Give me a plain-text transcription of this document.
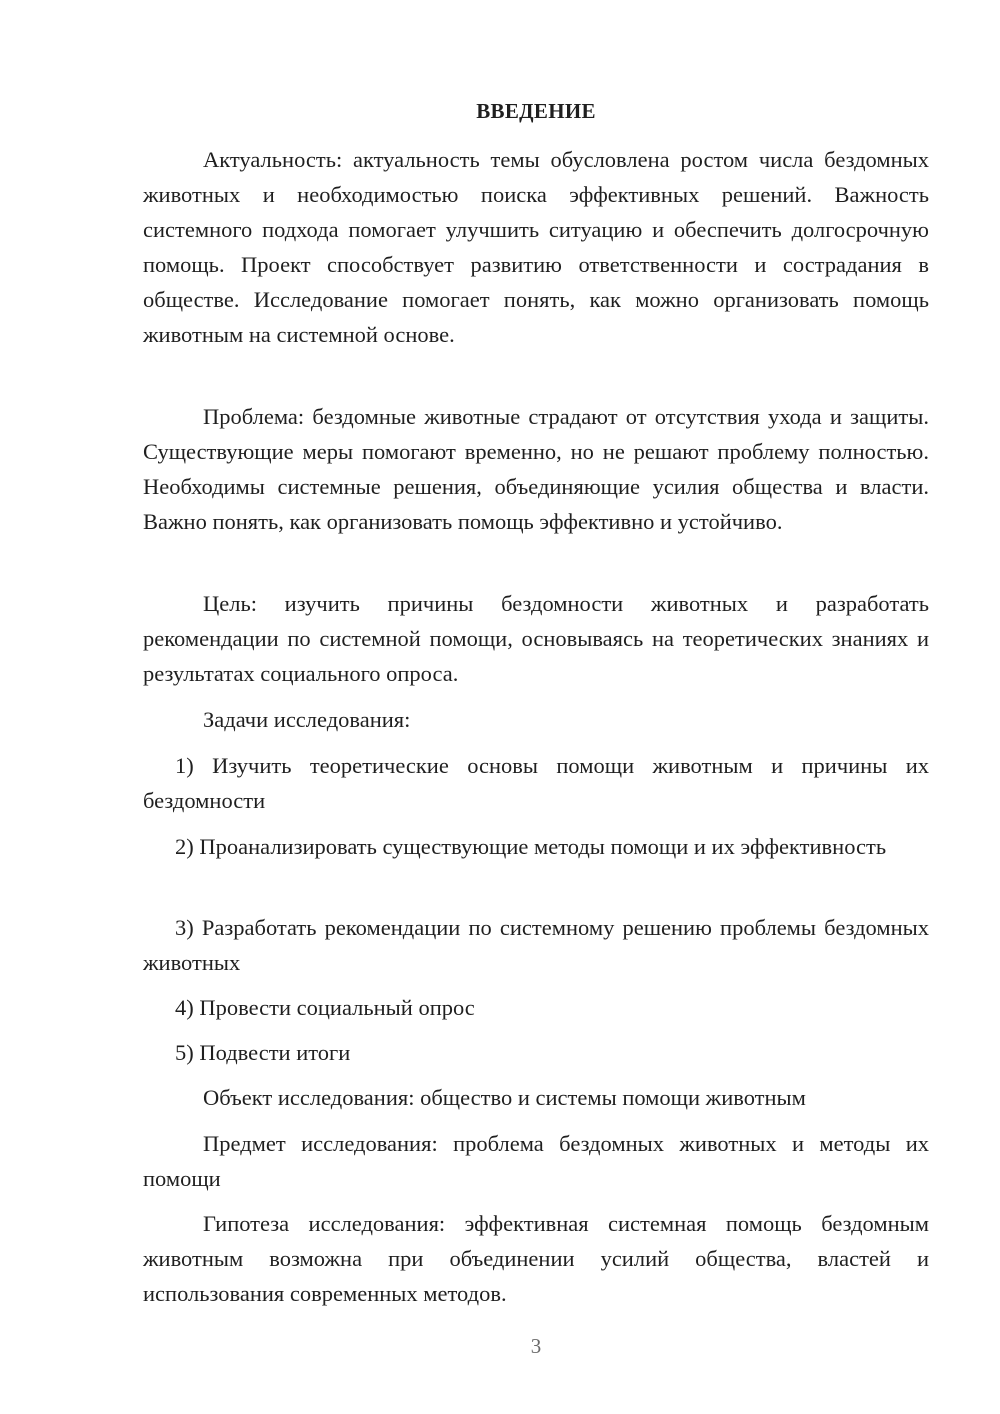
ВВЕДЕНИЕ

Актуальность: актуальность темы обусловлена ростом числа бездомных животных и необходимостью поиска эффективных решений. Важность системного подхода помогает улучшить ситуацию и обеспечить долгосрочную помощь. Проект способствует развитию ответственности и сострадания в обществе. Исследование помогает понять, как можно организовать помощь животным на системной основе.

Проблема: бездомные животные страдают от отсутствия ухода и защиты. Существующие меры помогают временно, но не решают проблему полностью. Необходимы системные решения, объединяющие усилия общества и власти. Важно понять, как организовать помощь эффективно и устойчиво.

Цель: изучить причины бездомности животных и разработать рекомендации по системной помощи, основываясь на теоретических знаниях и результатах социального опроса.

Задачи исследования:

1) Изучить теоретические основы помощи животным и причины их бездомности

2) Проанализировать существующие методы помощи и их эффективность

3) Разработать рекомендации по системному решению проблемы бездомных животных

4) Провести социальный опрос

5) Подвести итоги

Объект исследования: общество и системы помощи животным

Предмет исследования: проблема бездомных животных и методы их помощи

Гипотеза исследования: эффективная системная помощь бездомным животным возможна при объединении усилий общества, властей и использования современных методов.

3
